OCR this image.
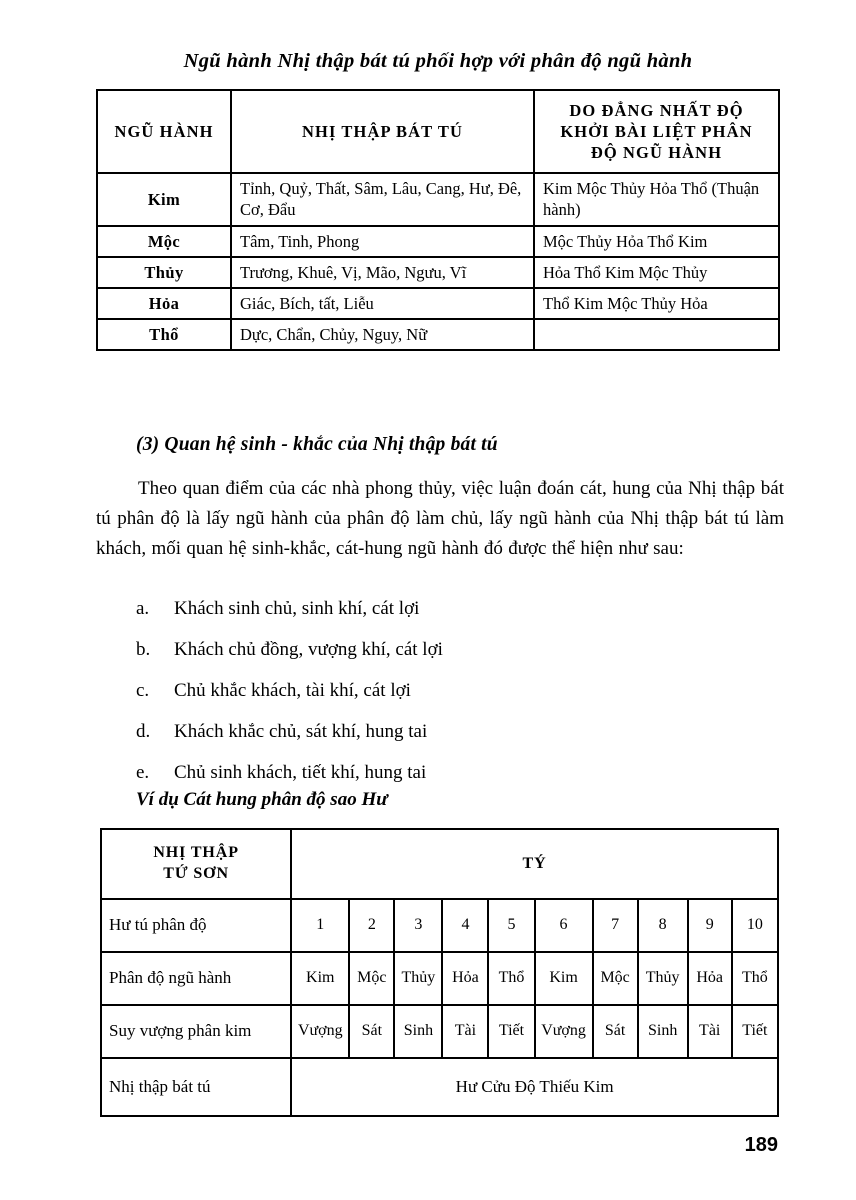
Ngũ hành Nhị thập bát tú phối hợp với phân độ ngũ hành
NGŨ HÀNH	NHỊ THẬP BÁT TÚ	DO ĐẲNG NHẤT ĐỘ
KHỞI BÀI LIỆT PHÂN
ĐỘ NGŨ HÀNH

Kim	Tỉnh, Quỷ, Thất, Sâm, Lâu, Cang, Hư, Đê, Cơ, Đẩu	Kim Mộc Thủy Hỏa Thổ (Thuận hành)
Mộc	Tâm, Tinh, Phong	Mộc Thủy Hỏa Thổ Kim
Thủy	Trương, Khuê, Vị, Mão, Ngưu, Vĩ	Hỏa Thổ Kim Mộc Thủy
Hỏa	Giác, Bích, tất, Liễu	Thổ Kim Mộc Thủy Hỏa
Thổ	Dực, Chẩn, Chủy, Nguy, Nữ	
(3) Quan hệ sinh - khắc của Nhị thập bát tú
Theo quan điểm của các nhà phong thủy, việc luận đoán cát, hung của Nhị thập bát tú phân độ là lấy ngũ hành của phân độ làm chủ, lấy ngũ hành của Nhị thập bát tú làm khách, mối quan hệ sinh-khắc, cát-hung ngũ hành đó được thể hiện như sau:
a.	Khách sinh chủ, sinh khí, cát lợi
b.	Khách chủ đồng, vượng khí, cát lợi
c.	Chủ khắc khách, tài khí, cát lợi
d.	Khách khắc chủ, sát khí, hung tai
e.	Chủ sinh khách, tiết khí, hung tai
Ví dụ Cát hung phân độ sao Hư
NHỊ THẬP
TỨ SƠN	TÝ									
Hư tú phân độ	1	2	3	4	5	6	7	8	9	10
Phân độ ngũ hành	Kim	Mộc	Thủy	Hỏa	Thổ	Kim	Mộc	Thủy	Hỏa	Thổ
Suy vượng phân kim	Vượng	Sát	Sinh	Tài	Tiết	Vượng	Sát	Sinh	Tài	Tiết
Nhị thập bát tú	Hư Cửu Độ Thiếu Kim									
189
